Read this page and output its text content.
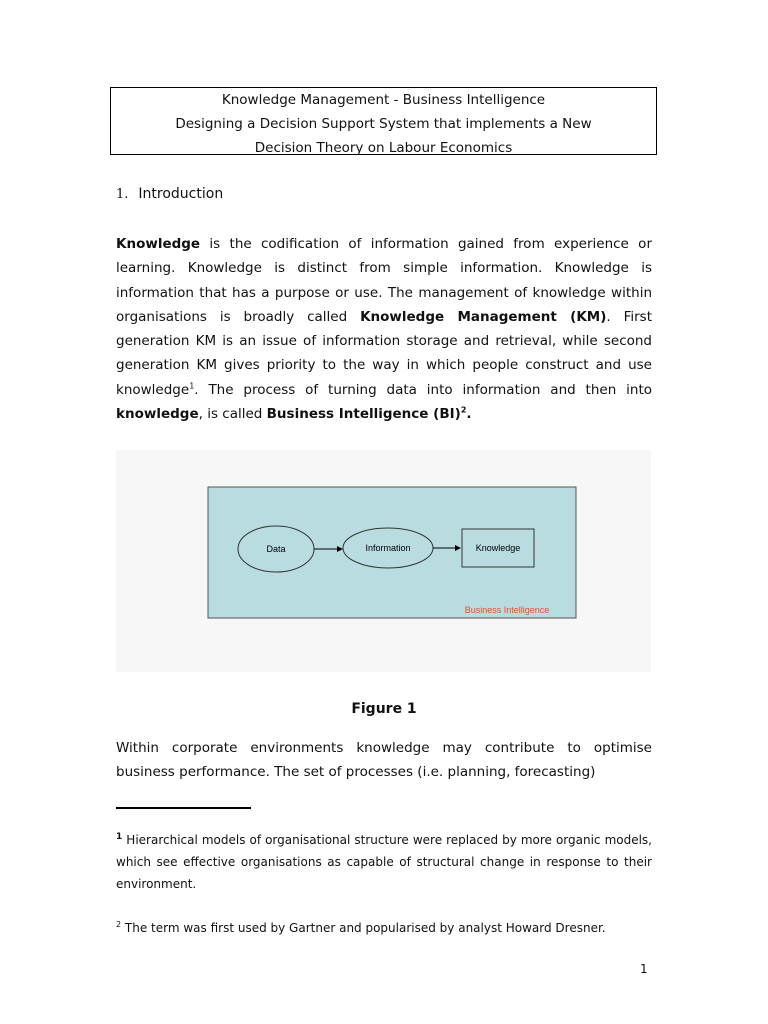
Knowledge Management - Business Intelligence
Designing a Decision Support System that implements a New
Decision Theory on Labour Economics
1. Introduction
Knowledge is the codification of information gained from experience or learning. Knowledge is distinct from simple information. Knowledge is information that has a purpose or use. The management of knowledge within organisations is broadly called Knowledge Management (KM). First generation KM is an issue of information storage and retrieval, while second generation KM gives priority to the way in which people construct and use knowledge$^1$. The process of turning data into information and then into knowledge, is called Business Intelligence (BI)$^2$.
Data	Information	Knowledge
Business Intelligence
Figure 1
Within corporate environments knowledge may contribute to optimise business performance. The set of processes (i.e. planning, forecasting)
$^1$ Hierarchical models of organisational structure were replaced by more organic models, which see effective organisations as capable of structural change in response to their environment.
$^2$ The term was first used by Gartner and popularised by analyst Howard Dresner.
1
